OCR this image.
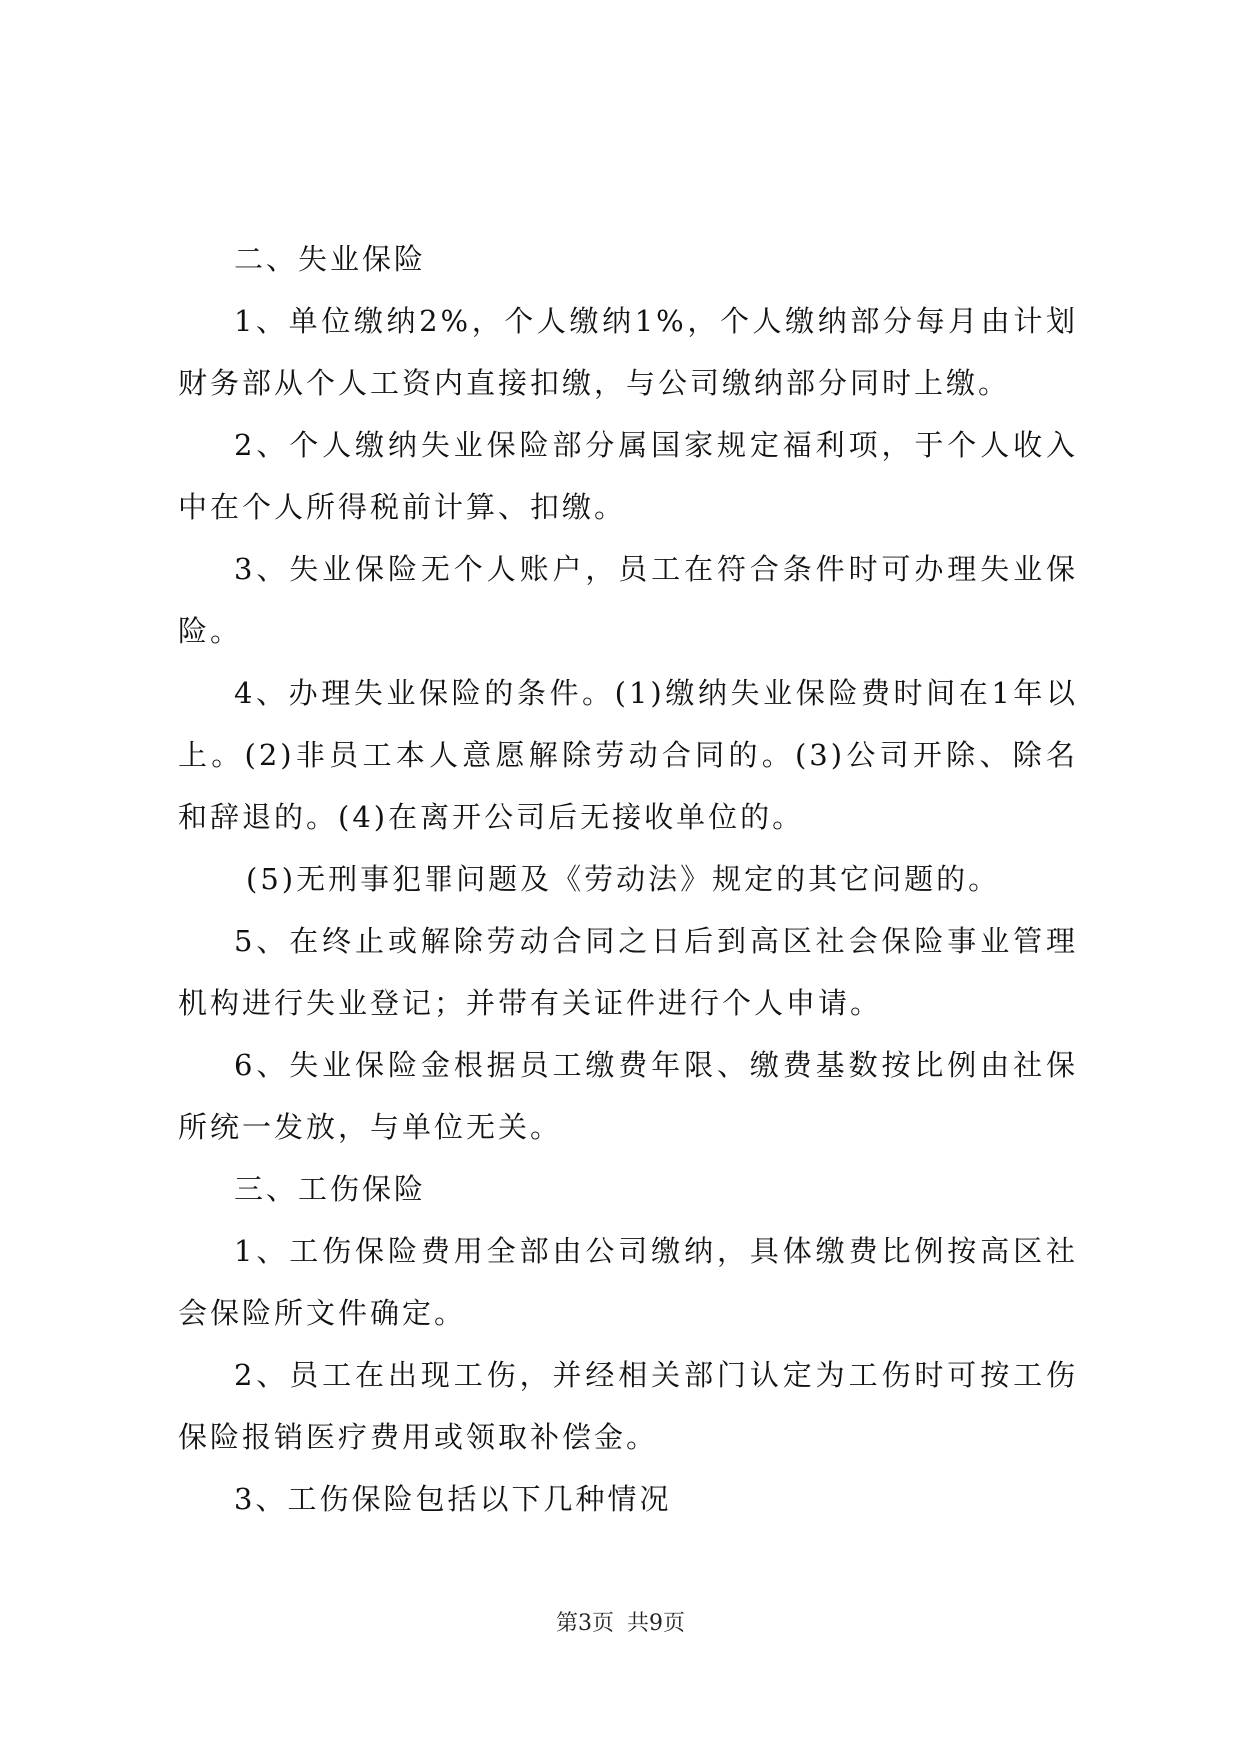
二、失业保险

1、单位缴纳2%，个人缴纳1%，个人缴纳部分每月由计划财务部从个人工资内直接扣缴，与公司缴纳部分同时上缴。

2、个人缴纳失业保险部分属国家规定福利项，于个人收入中在个人所得税前计算、扣缴。

3、失业保险无个人账户，员工在符合条件时可办理失业保险。

4、办理失业保险的条件。(1)缴纳失业保险费时间在1年以上。(2)非员工本人意愿解除劳动合同的。(3)公司开除、除名和辞退的。(4)在离开公司后无接收单位的。

(5)无刑事犯罪问题及《劳动法》规定的其它问题的。

5、在终止或解除劳动合同之日后到高区社会保险事业管理机构进行失业登记；并带有关证件进行个人申请。

6、失业保险金根据员工缴费年限、缴费基数按比例由社保所统一发放，与单位无关。

三、工伤保险

1、工伤保险费用全部由公司缴纳，具体缴费比例按高区社会保险所文件确定。

2、员工在出现工伤，并经相关部门认定为工伤时可按工伤保险报销医疗费用或领取补偿金。

3、工伤保险包括以下几种情况

第3页 共9页
